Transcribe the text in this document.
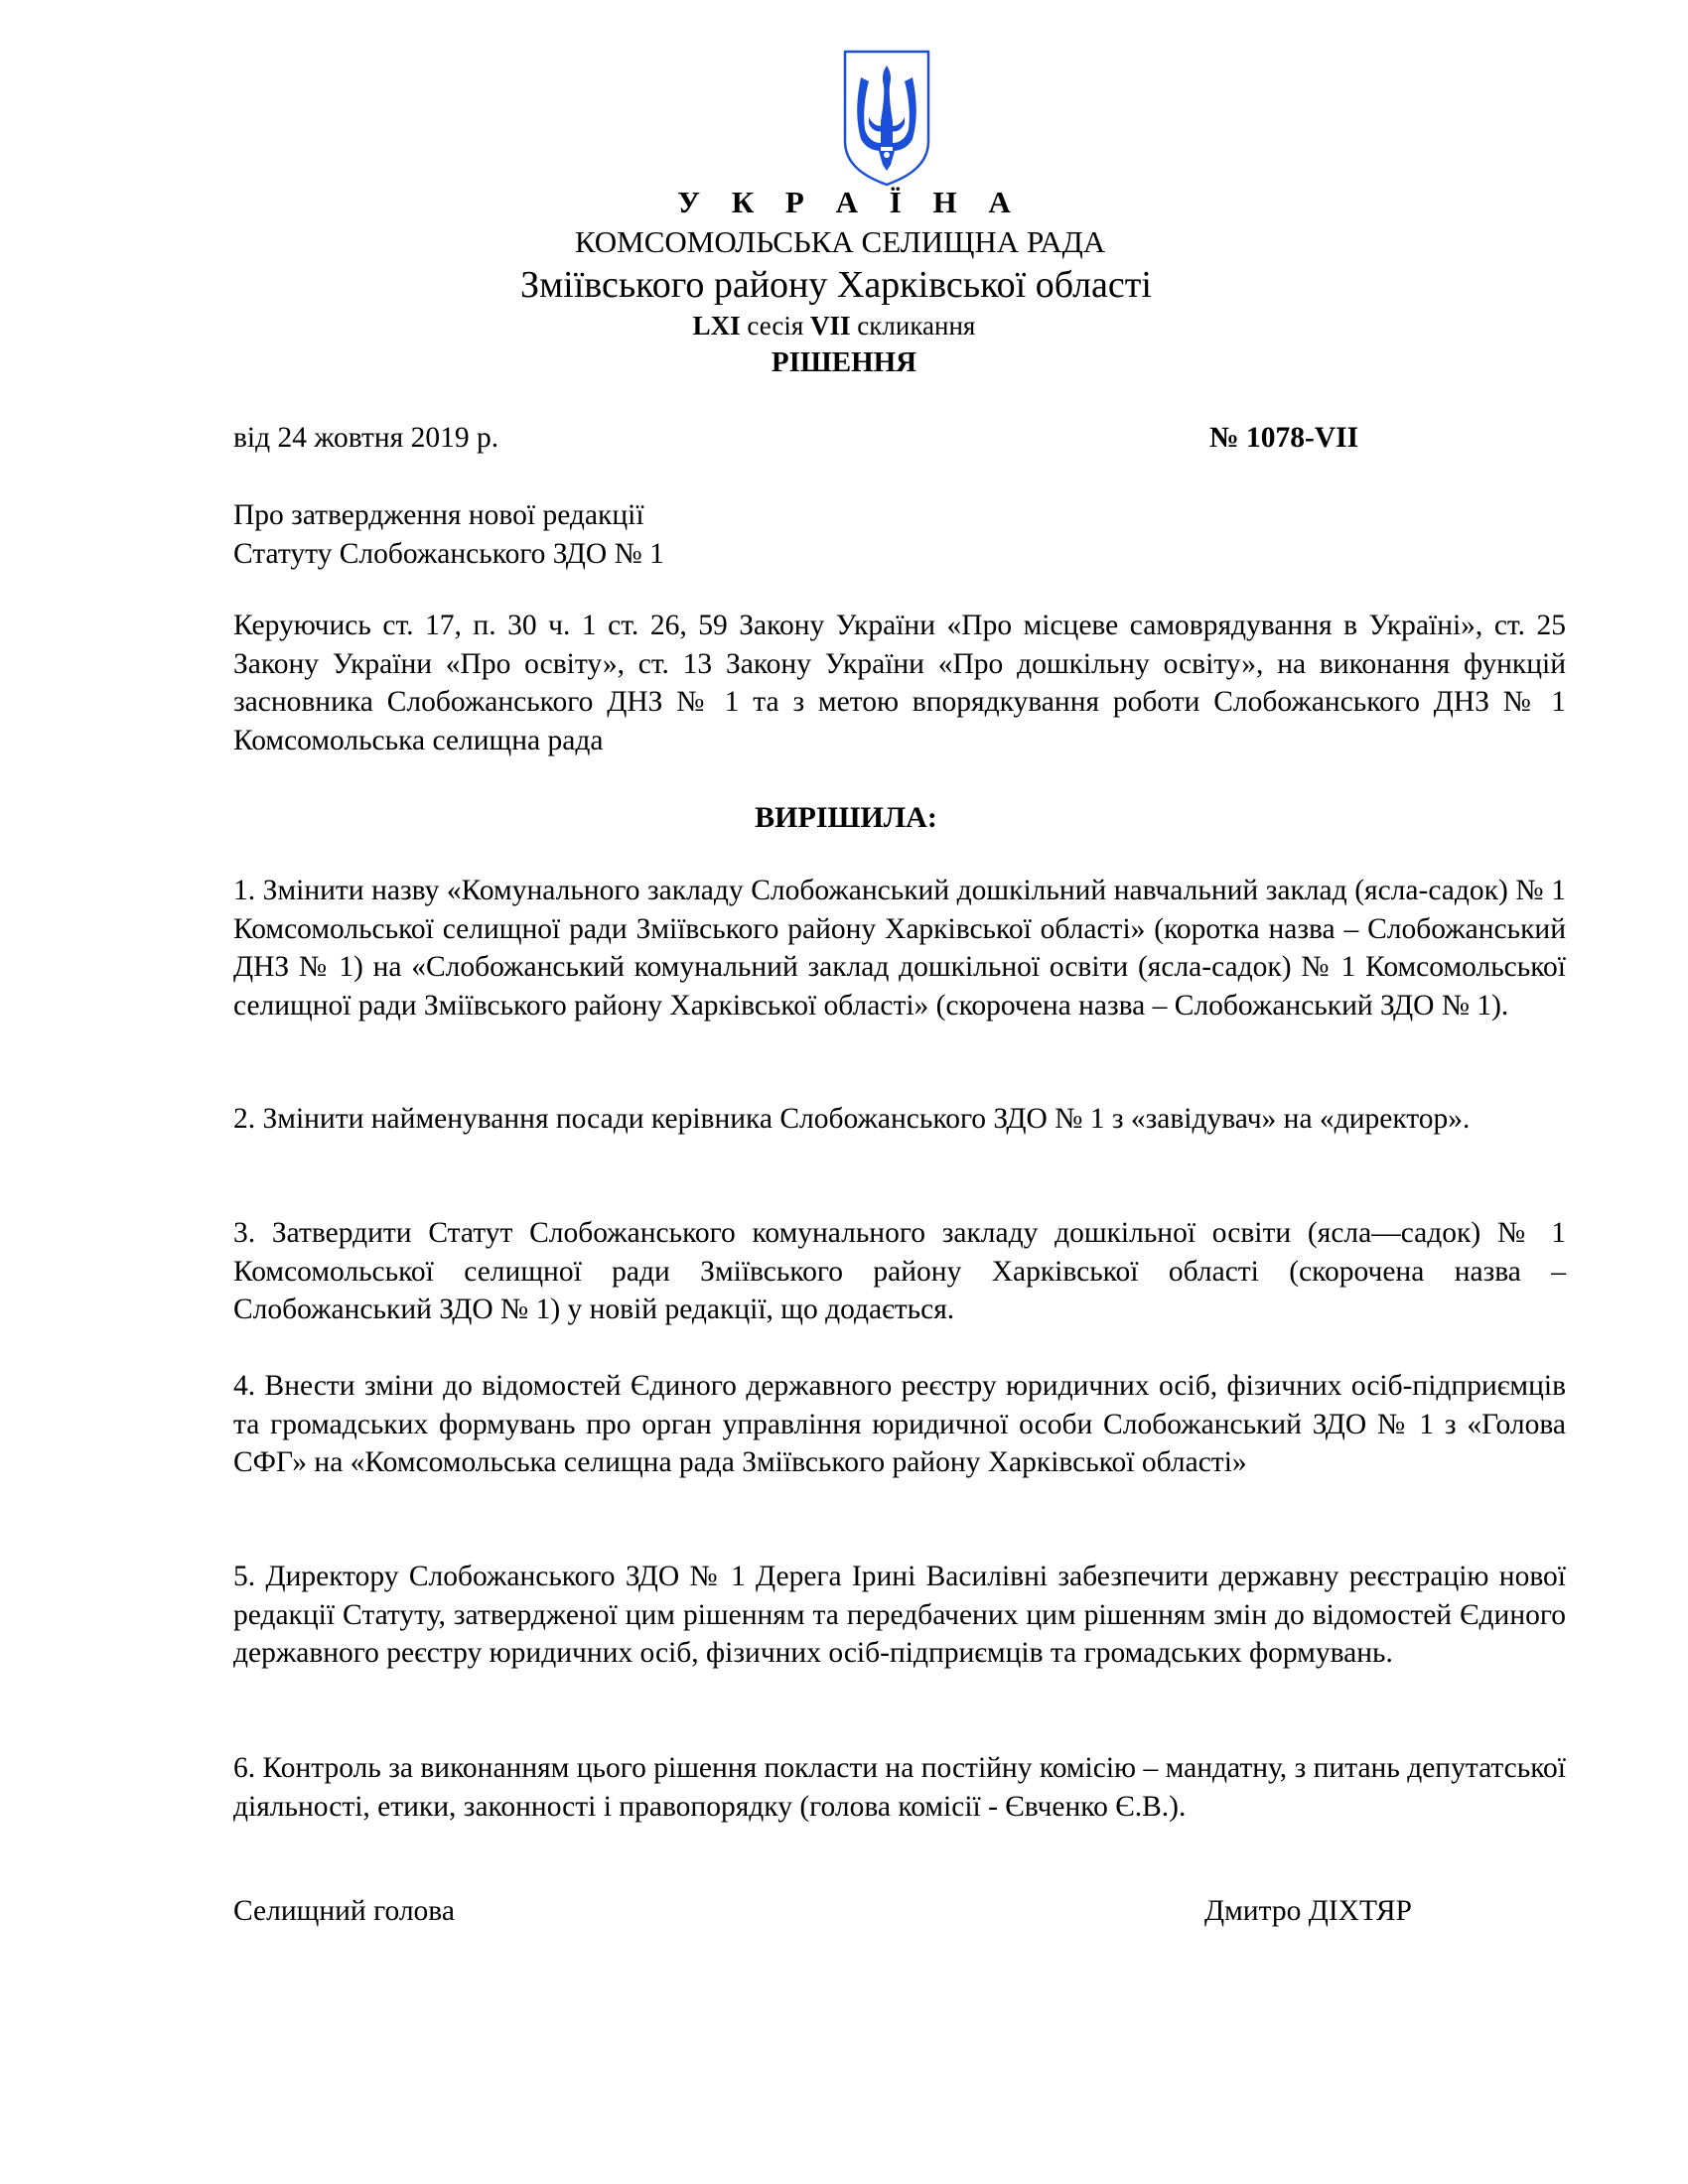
У К Р А Ї Н А
КОМСОМОЛЬСЬКА СЕЛИЩНА РАДА
Зміївського району Харківської області
LXI сесія VII скликання
РІШЕННЯ
від 24 жовтня 2019 р.	№ 1078-VII
Про затвердження нової редакції
Статуту Слобожанського ЗДО № 1
Керуючись ст. 17, п. 30 ч. 1 ст. 26, 59 Закону України «Про місцеве самоврядування в Україні», ст. 25 Закону України «Про освіту», ст. 13 Закону України «Про дошкільну освіту», на виконання функцій засновника Слобожанського ДНЗ № 1 та з метою впорядкування роботи Слобожанського ДНЗ № 1 Комсомольська селищна рада
ВИРІШИЛА:
1. Змінити назву «Комунального закладу Слобожанський дошкільний навчальний заклад (ясла-садок) № 1 Комсомольської селищної ради Зміївського району Харківської області» (коротка назва – Слобожанський ДНЗ № 1) на «Слобожанський комунальний заклад дошкільної освіти (ясла-садок) № 1 Комсомольської селищної ради Зміївського району Харківської області» (скорочена назва – Слобожанський ЗДО № 1).
2. Змінити найменування посади керівника Слобожанського ЗДО № 1 з «завідувач» на «директор».
3. Затвердити Статут Слобожанського комунального закладу дошкільної освіти (ясла—садок) № 1 Комсомольської селищної ради Зміївського району Харківської області (скорочена назва – Слобожанський ЗДО № 1) у новій редакції, що додається.
4. Внести зміни до відомостей Єдиного державного реєстру юридичних осіб, фізичних осіб-підприємців та громадських формувань про орган управління юридичної особи Слобожанський ЗДО № 1 з «Голова СФГ» на «Комсомольська селищна рада Зміївського району Харківської області»
5. Директору Слобожанського ЗДО № 1 Дерега Ірині Василівні забезпечити державну реєстрацію нової редакції Статуту, затвердженої цим рішенням та передбачених цим рішенням змін до відомостей Єдиного державного реєстру юридичних осіб, фізичних осіб-підприємців та громадських формувань.
6. Контроль за виконанням цього рішення покласти на постійну комісію – мандатну, з питань депутатської діяльності, етики, законності і правопорядку (голова комісії - Євченко Є.В.).
Селищний голова	Дмитро ДІХТЯР
